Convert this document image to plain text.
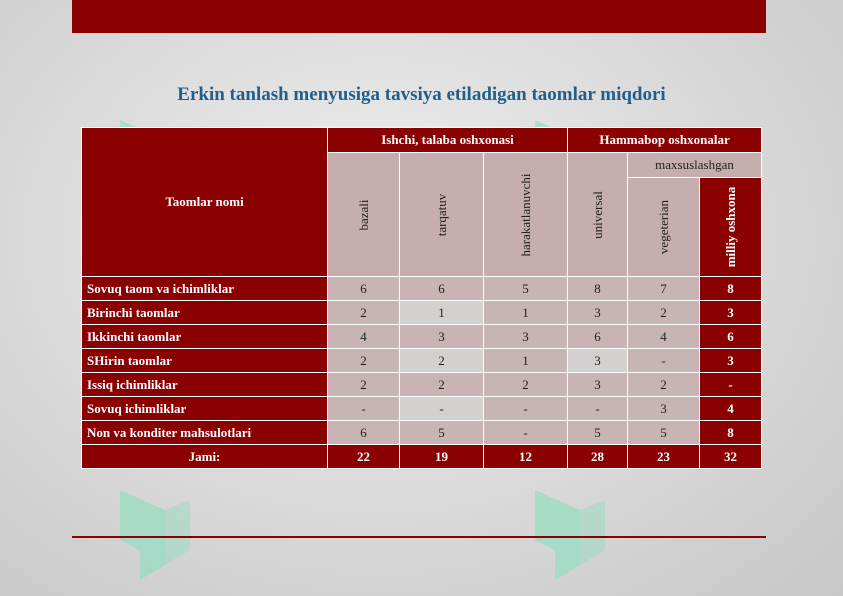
Erkin tanlash menyusiga tavsiya etiladigan taomlar miqdori
Taomlar nomi	Ishchi, talaba oshxonasi			Hammabop oshxonalar		

	bazali	tarqatuv	harakatlanuvchi	universal	maxsuslashgan	

					vegeterian	milliy oshxona

Sovuq taom va ichimliklar	6	6	5	8	7	8
Birinchi taomlar	2	1	1	3	2	3
Ikkinchi taomlar	4	3	3	6	4	6
SHirin taomlar	2	2	1	3	-	3
Issiq ichimliklar	2	2	2	3	2	-
Sovuq ichimliklar	-	-	-	-	3	4
Non va konditer mahsulotlari	6	5	-	5	5	8
Jami:	22	19	12	28	23	32
